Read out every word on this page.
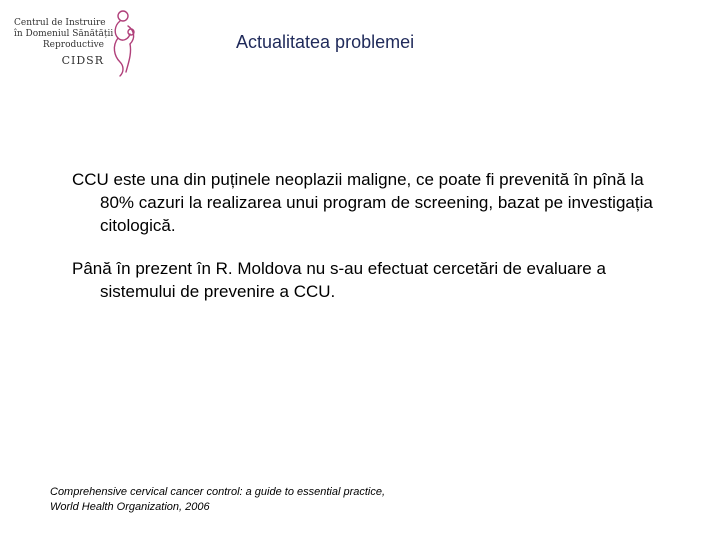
Centrul de Instruire
în Domeniul Sănătății
Reproductive
CIDSR
Actualitatea problemei

CCU este una din puținele neoplazii maligne, ce poate fi prevenită în pînă la 80% cazuri la realizarea unui program de screening, bazat pe investigația citologică.

Până în prezent în R. Moldova nu s-au efectuat cercetări de evaluare a sistemului de prevenire a CCU.

Comprehensive cervical cancer control: a guide to essential practice,
World Health Organization, 2006
